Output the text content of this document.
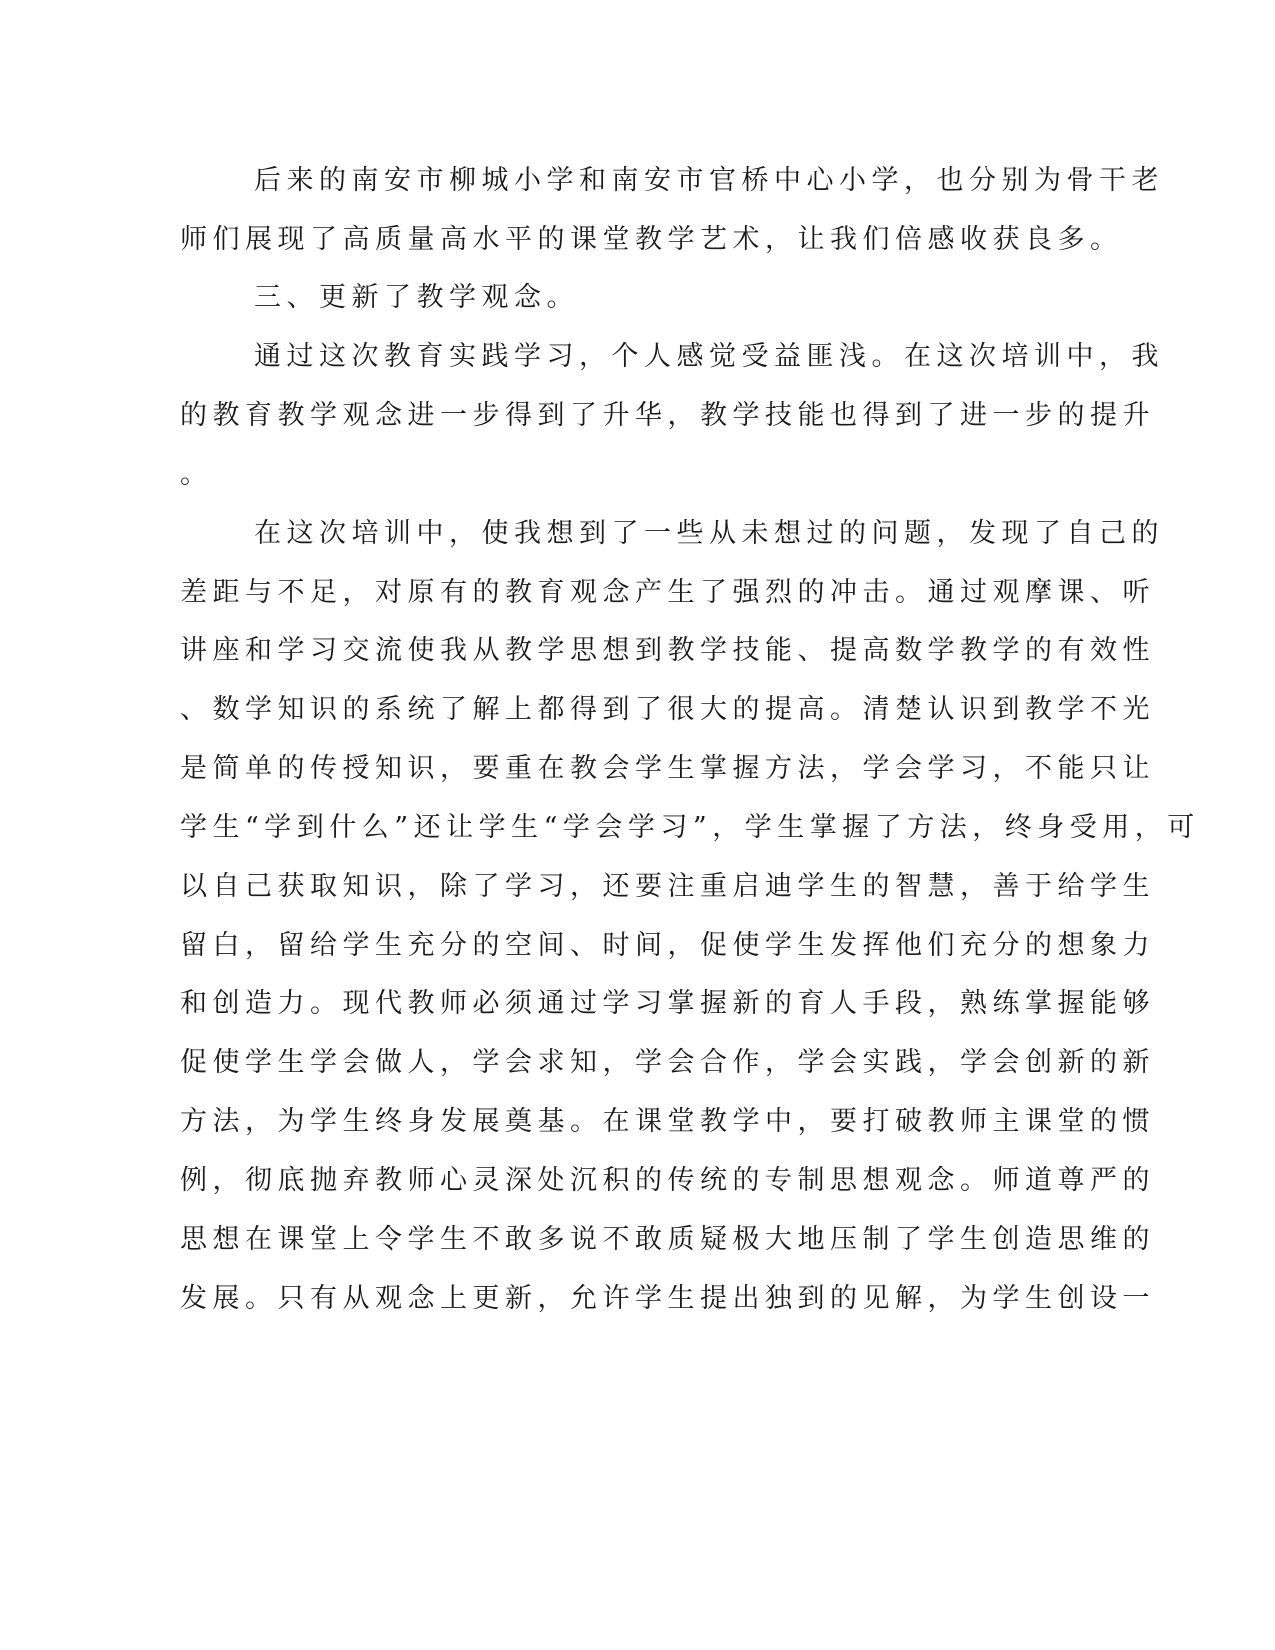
后来的南安市柳城小学和南安市官桥中心小学，也分别为骨干老
师们展现了高质量高水平的课堂教学艺术，让我们倍感收获良多。
三、更新了教学观念。
通过这次教育实践学习，个人感觉受益匪浅。在这次培训中，我
的教育教学观念进一步得到了升华，教学技能也得到了进一步的提升
。
在这次培训中，使我想到了一些从未想过的问题，发现了自己的
差距与不足，对原有的教育观念产生了强烈的冲击。通过观摩课、听
讲座和学习交流使我从教学思想到教学技能、提高数学教学的有效性
、数学知识的系统了解上都得到了很大的提高。清楚认识到教学不光
是简单的传授知识，要重在教会学生掌握方法，学会学习，不能只让
学生“学到什么”还让学生“学会学习”，学生掌握了方法，终身受用，可
以自己获取知识，除了学习，还要注重启迪学生的智慧，善于给学生
留白，留给学生充分的空间、时间，促使学生发挥他们充分的想象力
和创造力。现代教师必须通过学习掌握新的育人手段，熟练掌握能够
促使学生学会做人，学会求知，学会合作，学会实践，学会创新的新
方法，为学生终身发展奠基。在课堂教学中，要打破教师主课堂的惯
例，彻底抛弃教师心灵深处沉积的传统的专制思想观念。师道尊严的
思想在课堂上令学生不敢多说不敢质疑极大地压制了学生创造思维的
发展。只有从观念上更新，允许学生提出独到的见解，为学生创设一
